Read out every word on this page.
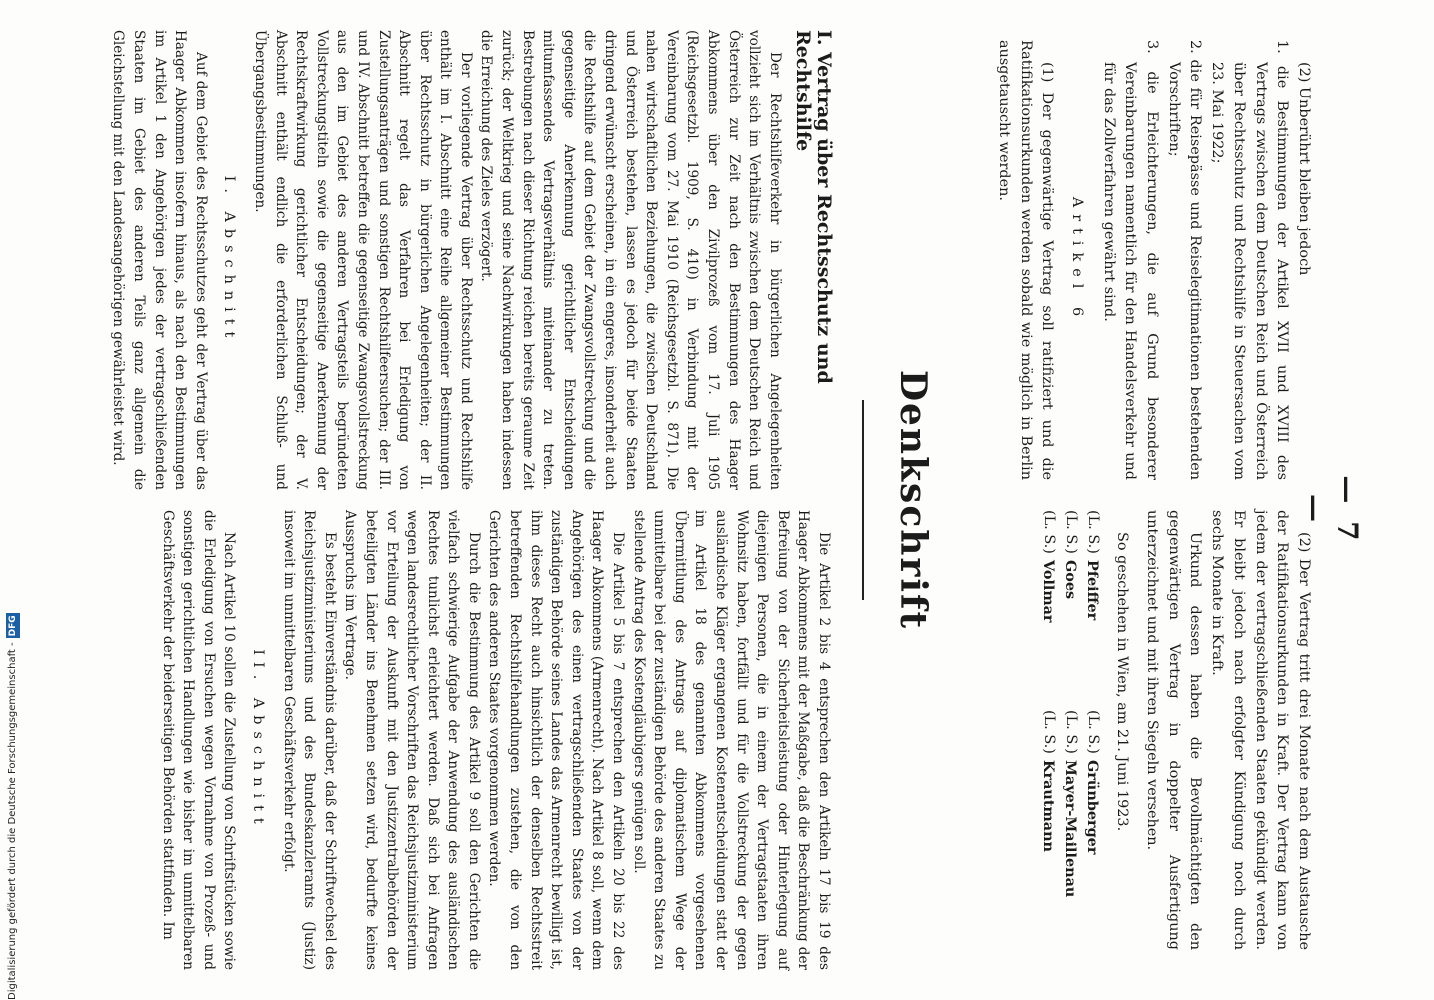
— 7 —

(2) Unberührt bleiben jedoch

1. die Bestimmungen der Artikel XVII und XVIII des Vertrags zwischen dem Deutschen Reich und Österreich über Rechtsschutz und Rechtshilfe in Steuersachen vom 23. Mai 1922;

2. die für Reisepässe und Reiselegitimationen bestehenden Vorschriften;

3. die Erleichterungen, die auf Grund besonderer Vereinbarungen namentlich für den Handelsverkehr und für das Zollverfahren gewährt sind.

Artikel 6

(1) Der gegenwärtige Vertrag soll ratifiziert und die Ratifikationsurkunden werden sobald wie möglich in Berlin ausgetauscht werden.

(2) Der Vertrag tritt drei Monate nach dem Austausche der Ratifikationsurkunden in Kraft. Der Vertrag kann von jedem der vertragschließenden Staaten gekündigt werden. Er bleibt jedoch nach erfolgter Kündigung noch durch sechs Monate in Kraft.

Urkund dessen haben die Bevollmächtigten den gegenwärtigen Vertrag in doppelter Ausfertigung unterzeichnet und mit ihren Siegeln versehen.

So geschehen in Wien, am 21. Juni 1923.

(L. S.)
Pfeiffer
(L. S.)
Grünberger
(L. S.)
Goes
(L. S.)
Mayer-Maillenau
(L. S.)
Vollmar
(L. S.)
Krautmann
Denkschrift
I. Vertrag über Rechtsschutz und Rechtshilfe

Der Rechtshilfeverkehr in bürgerlichen Angelegenheiten vollzieht sich im Verhältnis zwischen dem Deutschen Reich und Österreich zur Zeit nach den Bestimmungen des Haager Abkommens über den Zivilprozeß vom 17. Juli 1905 (Reichsgesetzbl. 1909, S. 410) in Verbindung mit der Vereinbarung vom 27. Mai 1910 (Reichsgesetzbl. S. 871). Die nahen wirtschaftlichen Beziehungen, die zwischen Deutschland und Österreich bestehen, lassen es jedoch für beide Staaten dringend erwünscht erscheinen, in ein engeres, insonderheit auch die Rechtshilfe auf dem Gebiet der Zwangsvollstreckung und die gegenseitige Anerkennung gerichtlicher Entscheidungen mitumfassendes Vertragsverhältnis miteinander zu treten. Bestrebungen nach dieser Richtung reichen bereits geraume Zeit zurück; der Weltkrieg und seine Nachwirkungen haben indessen die Erreichung des Zieles verzögert.

Der vorliegende Vertrag über Rechtsschutz und Rechtshilfe enthält im I. Abschnitt eine Reihe allgemeiner Bestimmungen über Rechtsschutz in bürgerlichen Angelegenheiten; der II. Abschnitt regelt das Verfahren bei Erledigung von Zustellungsanträgen und sonstigen Rechtshilfeersuchen; der III. und IV. Abschnitt betreffen die gegenseitige Zwangsvollstreckung aus den im Gebiet des anderen Vertragsteils begründeten Vollstreckungstiteln sowie die gegenseitige Anerkennung der Rechtskraftwirkung gerichtlicher Entscheidungen; der V. Abschnitt enthält endlich die erforderlichen Schluß- und Übergangsbestimmungen.

I. Abschnitt

Auf dem Gebiet des Rechtsschutzes geht der Vertrag über das Haager Abkommen insofern hinaus, als nach den Bestimmungen im Artikel 1 den Angehörigen jedes der vertragschließenden Staaten im Gebiet des anderen Teils ganz allgemein die Gleichstellung mit den Landesangehörigen gewährleistet wird.

Die Artikel 2 bis 4 entsprechen den Artikeln 17 bis 19 des Haager Abkommens mit der Maßgabe, daß die Beschränkung der Befreiung von der Sicherheitsleistung oder Hinterlegung auf diejenigen Personen, die in einem der Vertragstaaten ihren Wohnsitz haben, fortfällt und für die Vollstreckung der gegen ausländische Kläger ergangenen Kostenentscheidungen statt der im Artikel 18 des genannten Abkommens vorgesehenen Übermittlung des Antrags auf diplomatischem Wege der unmittelbare bei der zuständigen Behörde des anderen Staates zu stellende Antrag des Kostengläubigers genügen soll.

Die Artikel 5 bis 7 entsprechen den Artikeln 20 bis 22 des Haager Abkommens (Armenrecht). Nach Artikel 8 soll, wenn dem Angehörigen des einen vertragschließenden Staates von der zuständigen Behörde seines Landes das Armenrecht bewilligt ist, ihm dieses Recht auch hinsichtlich der denselben Rechtsstreit betreffenden Rechtshilfehandlungen zustehen, die von den Gerichten des anderen Staates vorgenommen werden.

Durch die Bestimmung des Artikel 9 soll den Gerichten die vielfach schwierige Aufgabe der Anwendung des ausländischen Rechtes tunlichst erleichtert werden. Daß sich bei Anfragen wegen landesrechtlicher Vorschriften das Reichsjustizministerium vor Erteilung der Auskunft mit den Justizzentralbehörden der beteiligten Länder ins Benehmen setzen wird, bedurfte keines Ausspruchs im Vertrage.

Es besteht Einverständnis darüber, daß der Schriftwechsel des Reichsjustizministeriums und des Bundeskanzleramts (Justiz) insoweit im unmittelbaren Geschäftsverkehr erfolgt.

II. Abschnitt

Nach Artikel 10 sollen die Zustellung von Schriftstücken sowie die Erledigung von Ersuchen wegen Vornahme von Prozeß- und sonstigen gerichtlichen Handlungen wie bisher im unmittelbaren Geschäftsverkehr der beiderseitigen Behörden stattfinden. Im

Digitalisierung gefördert durch die Deutsche Forschungsgemeinschaft -DFG
